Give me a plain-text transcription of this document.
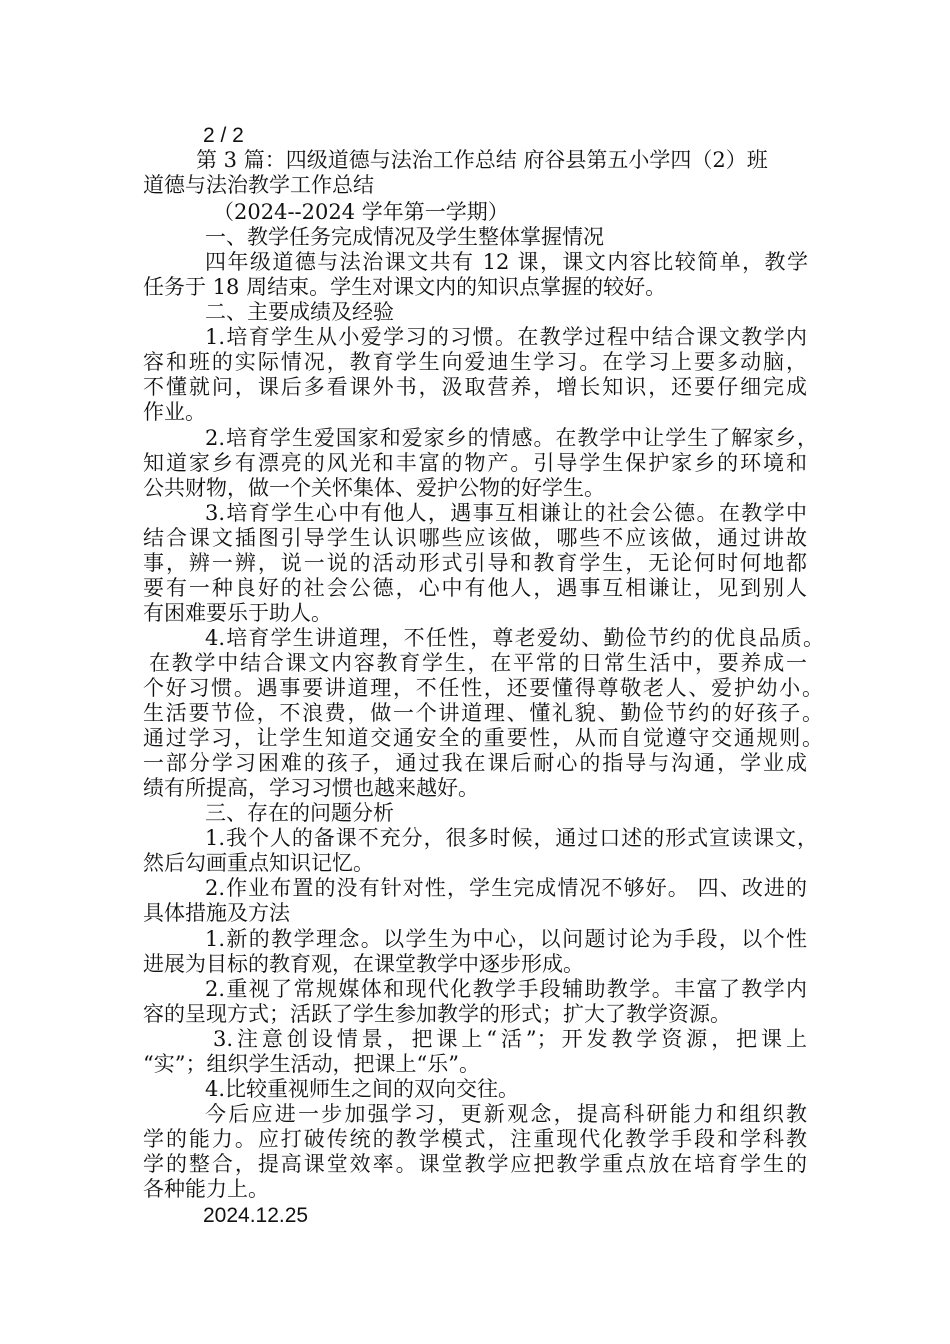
2 / 2
第 3 篇：四级道德与法治工作总结 府谷县第五小学四（2）班
道德与法治教学工作总结
（2024--2024 学年第一学期）
一、教学任务完成情况及学生整体掌握情况
四年级道德与法治课文共有 12 课，课文内容比较简单，教学
任务于 18 周结束。学生对课文内的知识点掌握的较好。
二、主要成绩及经验
1.培育学生从小爱学习的习惯。在教学过程中结合课文教学内
容和班的实际情况，教育学生向爱迪生学习。在学习上要多动脑，
不懂就问，课后多看课外书，汲取营养，增长知识，还要仔细完成
作业。
2.培育学生爱国家和爱家乡的情感。在教学中让学生了解家乡，
知道家乡有漂亮的风光和丰富的物产。引导学生保护家乡的环境和
公共财物，做一个关怀集体、爱护公物的好学生。
3.培育学生心中有他人，遇事互相谦让的社会公德。在教学中
结合课文插图引导学生认识哪些应该做，哪些不应该做，通过讲故
事，辨一辨，说一说的活动形式引导和教育学生，无论何时何地都
要有一种良好的社会公德，心中有他人，遇事互相谦让，见到别人
有困难要乐于助人。
4.培育学生讲道理，不任性，尊老爱幼、勤俭节约的优良品质。
在教学中结合课文内容教育学生，在平常的日常生活中，要养成一
个好习惯。遇事要讲道理，不任性，还要懂得尊敬老人、爱护幼小。
生活要节俭，不浪费，做一个讲道理、懂礼貌、勤俭节约的好孩子。
通过学习，让学生知道交通安全的重要性，从而自觉遵守交通规则。
一部分学习困难的孩子，通过我在课后耐心的指导与沟通，学业成
绩有所提高，学习习惯也越来越好。
三、存在的问题分析
1.我个人的备课不充分，很多时候，通过口述的形式宣读课文，
然后勾画重点知识记忆。
2.作业布置的没有针对性，学生完成情况不够好。 四、改进的
具体措施及方法
1.新的教学理念。以学生为中心，以问题讨论为手段，以个性
进展为目标的教育观，在课堂教学中逐步形成。
2.重视了常规媒体和现代化教学手段辅助教学。丰富了教学内
容的呈现方式；活跃了学生参加教学的形式；扩大了教学资源。
3.注意创设情景，把课上“活”；开发教学资源，把课上
“实”；组织学生活动，把课上“乐”。
4.比较重视师生之间的双向交往。
今后应进一步加强学习，更新观念，提高科研能力和组织教
学的能力。应打破传统的教学模式，注重现代化教学手段和学科教
学的整合，提高课堂效率。课堂教学应把教学重点放在培育学生的
各种能力上。
2024.12.25
